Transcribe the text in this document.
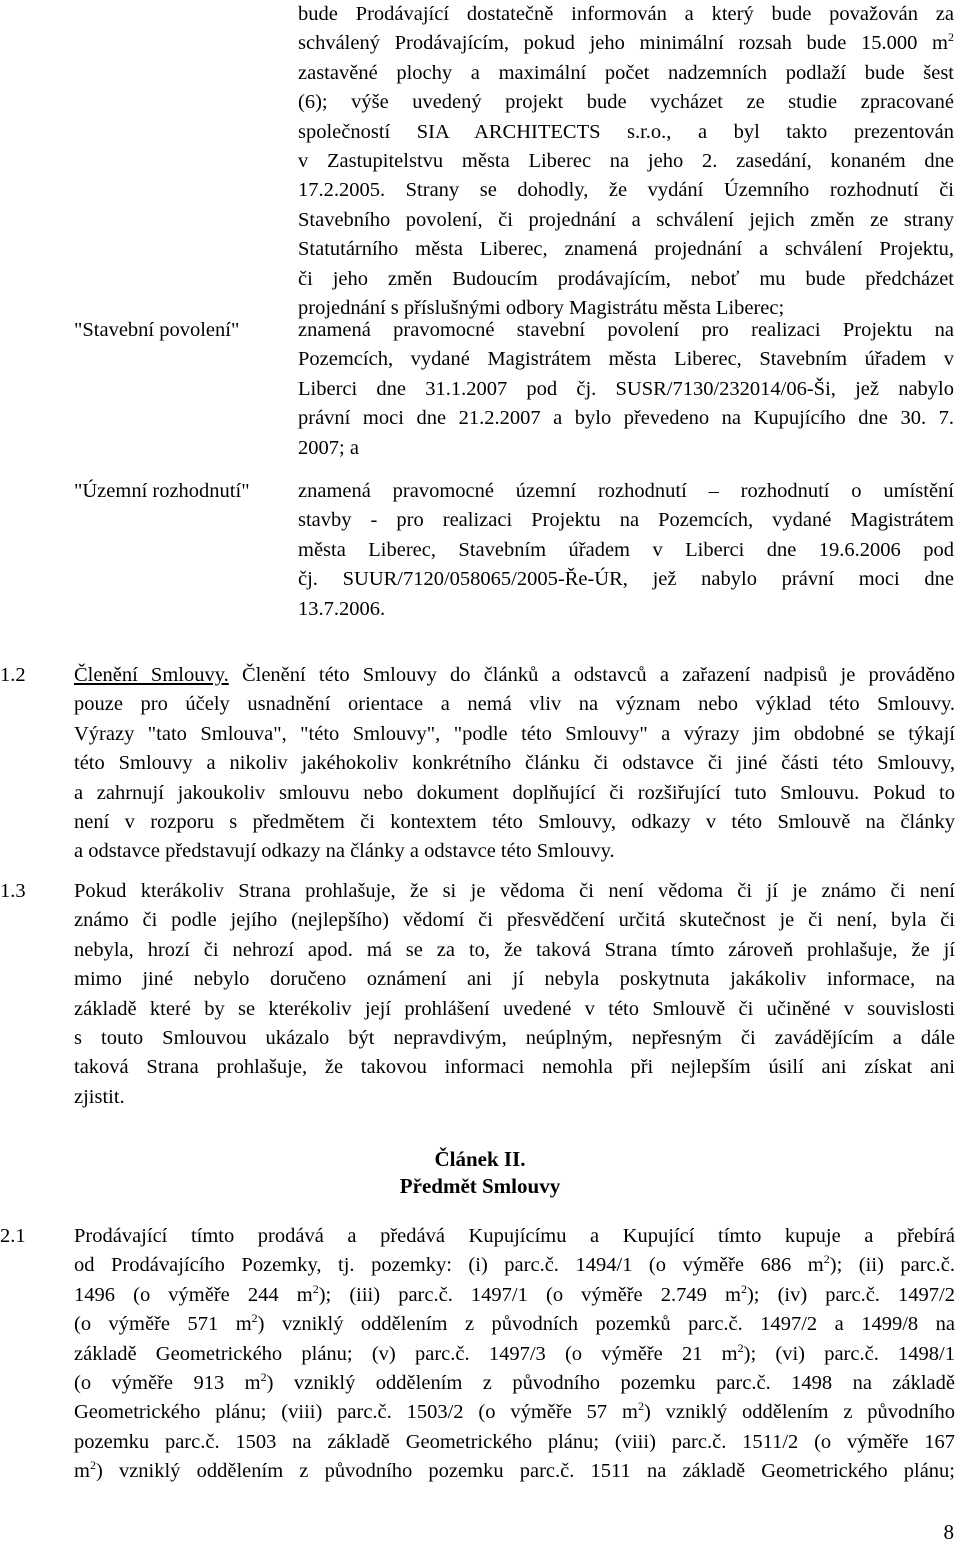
bude Prodávající dostatečně informován a který bude považován za

schválený Prodávajícím, pokud jeho minimální rozsah bude 15.000 $m^2$

zastavěné plochy a maximální počet nadzemních podlaží bude šest

(6); výše uvedený projekt bude vycházet ze studie zpracované

společností SIA ARCHITECTS s.r.o., a byl takto prezentován

v Zastupitelstvu města Liberec na jeho 2. zasedání, konaném dne

17.2.2005. Strany se dohodly, že vydání Územního rozhodnutí či

Stavebního povolení, či projednání a schválení jejich změn ze strany

Statutárního města Liberec, znamená projednání a schválení Projektu,

či jeho změn Budoucím prodávajícím, neboť mu bude předcházet

projednání s příslušnými odbory Magistrátu města Liberec;

"Stavební povolení"	znamená pravomocné stavební povolení pro realizaci Projektu na

Pozemcích, vydané Magistrátem města Liberec, Stavebním úřadem v

Liberci dne 31.1.2007 pod čj. SUSR/7130/232014/06-Ši, jež nabylo

právní moci dne 21.2.2007 a bylo převedeno na Kupujícího dne 30. 7.

2007; a

"Územní rozhodnutí" znamená pravomocné územní rozhodnutí – rozhodnutí o umístění

stavby - pro realizaci Projektu na Pozemcích, vydané Magistrátem

města Liberec, Stavebním úřadem v Liberci dne 19.6.2006 pod

čj. SUUR/7120/058065/2005-Ře-ÚR, jež nabylo právní moci dne

13.7.2006.

1.2 Členění Smlouvy. Členění této Smlouvy do článků a odstavců a zařazení nadpisů je prováděno

pouze pro účely usnadnění orientace a nemá vliv na význam nebo výklad této Smlouvy.

Výrazy "tato Smlouva", "této Smlouvy", "podle této Smlouvy" a výrazy jim obdobné se týkají

této Smlouvy a nikoliv jakéhokoliv konkrétního článku či odstavce či jiné části této Smlouvy,

a zahrnují jakoukoliv smlouvu nebo dokument doplňující či rozšiřující tuto Smlouvu. Pokud to

není v rozporu s předmětem či kontextem této Smlouvy, odkazy v této Smlouvě na články

a odstavce představují odkazy na články a odstavce této Smlouvy.

1.3 Pokud kterákoliv Strana prohlašuje, že si je vědoma či není vědoma či jí je známo či není

známo či podle jejího (nejlepšího) vědomí či přesvědčení určitá skutečnost je či není, byla či

nebyla, hrozí či nehrozí apod. má se za to, že taková Strana tímto zároveň prohlašuje, že jí

mimo jiné nebylo doručeno oznámení ani jí nebyla poskytnuta jakákoliv informace, na

základě které by se kterékoliv její prohlášení uvedené v této Smlouvě či učiněné v souvislosti

s touto Smlouvou ukázalo být nepravdivým, neúplným, nepřesným či zavádějícím a dále

taková Strana prohlašuje, že takovou informaci nemohla při nejlepším úsilí ani získat ani

zjistit.

Článek II.
Předmět Smlouvy
2.1 Prodávající tímto prodává a předává Kupujícímu a Kupující tímto kupuje a přebírá

od Prodávajícího Pozemky, tj. pozemky: (i) parc.č. 1494/1 (o výměře 686 $m^2$); (ii) parc.č.

1496 (o výměře 244 $m^2$); (iii) parc.č. 1497/1 (o výměře 2.749 $m^2$); (iv) parc.č. 1497/2

(o výměře 571 $m^2$) vzniklý oddělením z původních pozemků parc.č. 1497/2 a 1499/8 na

základě Geometrického plánu; (v) parc.č. 1497/3 (o výměře 21 $m^2$); (vi) parc.č. 1498/1

(o výměře 913 $m^2$) vzniklý oddělením z původního pozemku parc.č. 1498 na základě

Geometrického plánu; (viii) parc.č. 1503/2 (o výměře 57 $m^2$) vzniklý oddělením z původního

pozemku parc.č. 1503 na základě Geometrického plánu; (viii) parc.č. 1511/2 (o výměře 167

$m^2$) vzniklý oddělením z původního pozemku parc.č. 1511 na základě Geometrického plánu;

8
